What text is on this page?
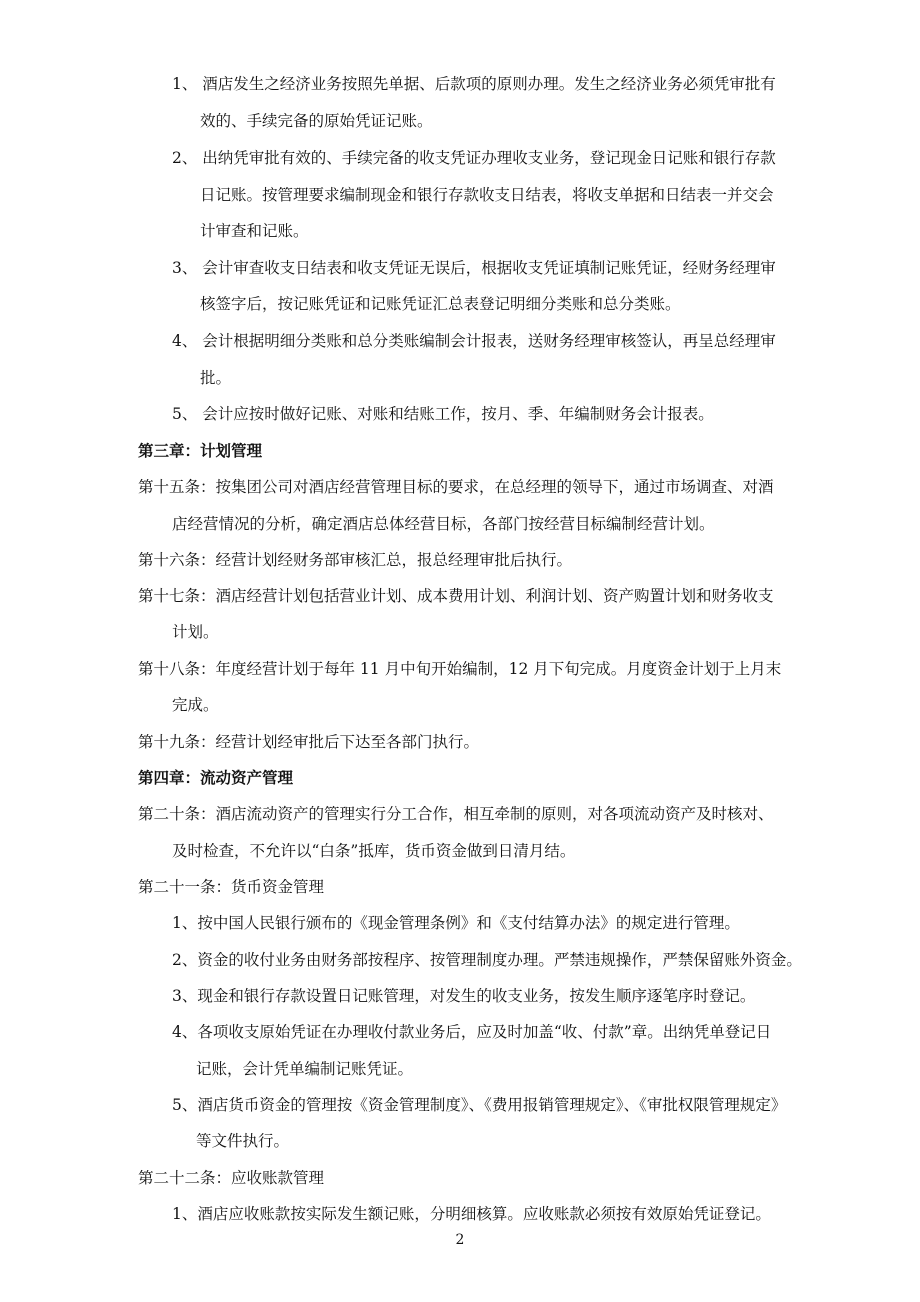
1、 酒店发生之经济业务按照先单据、后款项的原则办理。发生之经济业务必须凭审批有
效的、手续完备的原始凭证记账。
2、 出纳凭审批有效的、手续完备的收支凭证办理收支业务，登记现金日记账和银行存款
日记账。按管理要求编制现金和银行存款收支日结表，将收支单据和日结表一并交会
计审查和记账。
3、 会计审查收支日结表和收支凭证无误后，根据收支凭证填制记账凭证，经财务经理审
核签字后，按记账凭证和记账凭证汇总表登记明细分类账和总分类账。
4、 会计根据明细分类账和总分类账编制会计报表，送财务经理审核签认，再呈总经理审
批。
5、 会计应按时做好记账、对账和结账工作，按月、季、年编制财务会计报表。
第三章：计划管理
第十五条：按集团公司对酒店经营管理目标的要求，在总经理的领导下，通过市场调查、对酒
店经营情况的分析，确定酒店总体经营目标，各部门按经营目标编制经营计划。
第十六条：经营计划经财务部审核汇总，报总经理审批后执行。
第十七条：酒店经营计划包括营业计划、成本费用计划、利润计划、资产购置计划和财务收支
计划。
第十八条：年度经营计划于每年 11 月中旬开始编制，12 月下旬完成。月度资金计划于上月末
完成。
第十九条：经营计划经审批后下达至各部门执行。
第四章：流动资产管理
第二十条：酒店流动资产的管理实行分工合作，相互牵制的原则，对各项流动资产及时核对、
及时检查，不允许以“白条”抵库，货币资金做到日清月结。
第二十一条：货币资金管理
1、按中国人民银行颁布的《现金管理条例》和《支付结算办法》的规定进行管理。
2、资金的收付业务由财务部按程序、按管理制度办理。严禁违规操作，严禁保留账外资金。
3、现金和银行存款设置日记账管理，对发生的收支业务，按发生顺序逐笔序时登记。
4、各项收支原始凭证在办理收付款业务后，应及时加盖“收、付款”章。出纳凭单登记日
记账，会计凭单编制记账凭证。
5、酒店货币资金的管理按《资金管理制度》、《费用报销管理规定》、《审批权限管理规定》
等文件执行。
第二十二条：应收账款管理
1、酒店应收账款按实际发生额记账，分明细核算。应收账款必须按有效原始凭证登记。
2
